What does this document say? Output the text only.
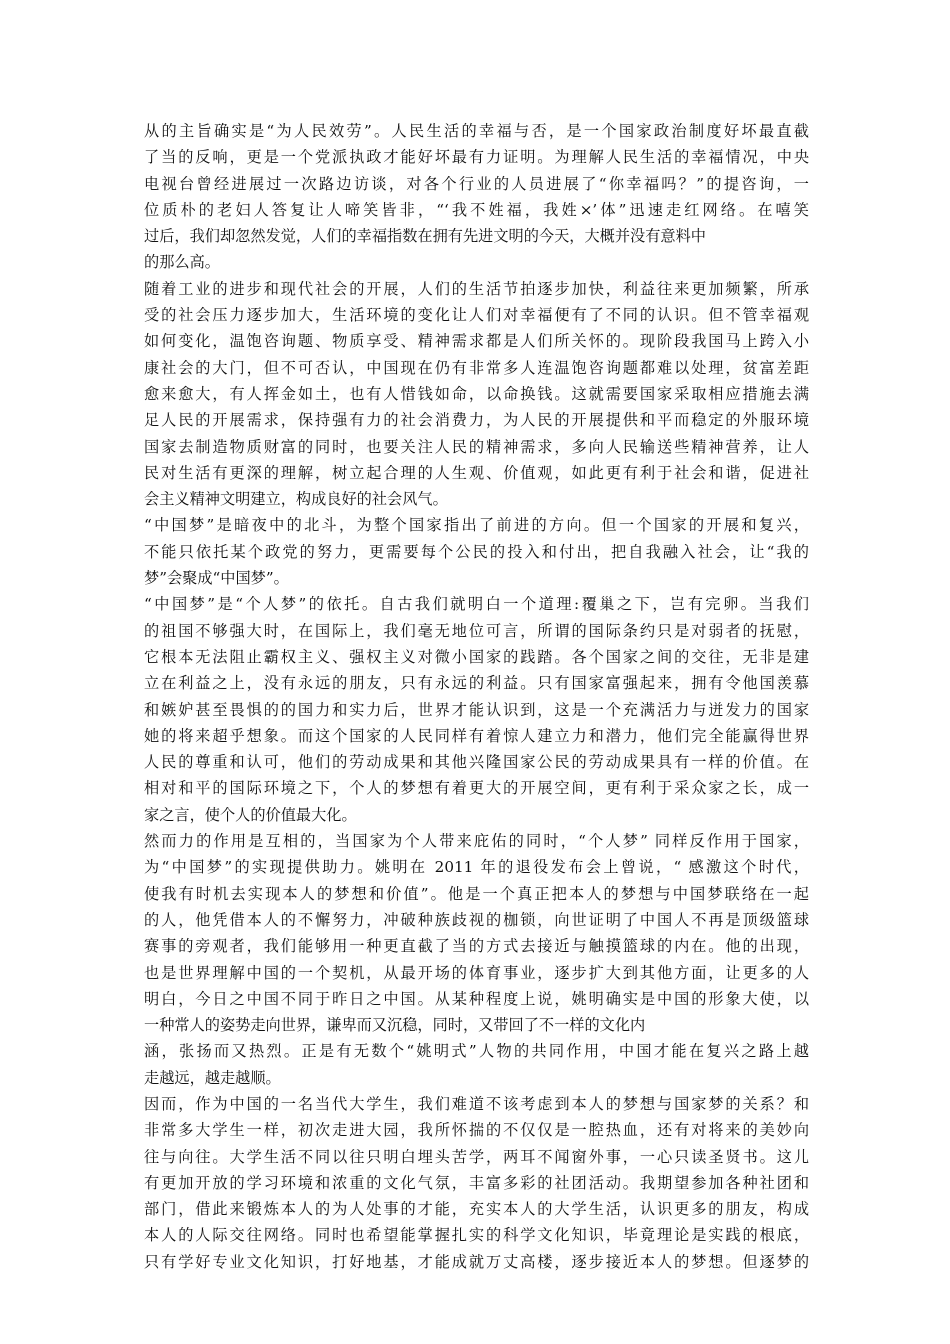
从的主旨确实是“为人民效劳”。人民生活的幸福与否，是一个国家政治制度好坏最直截
了当的反响，更是一个党派执政才能好坏最有力证明。为理解人民生活的幸福情况，中央
电视台曾经进展过一次路边访谈，对各个行业的人员进展了“你幸福吗？”的提咨询，一
位质朴的老妇人答复让人啼笑皆非，“‘我不姓福，我姓×’体”迅速走红网络。在嘻笑
过后，我们却忽然发觉，人们的幸福指数在拥有先进文明的今天，大概并没有意料中
的那么高。
随着工业的进步和现代社会的开展，人们的生活节拍逐步加快，利益往来更加频繁，所承
受的社会压力逐步加大，生活环境的变化让人们对幸福便有了不同的认识。但不管幸福观
如何变化，温饱咨询题、物质享受、精神需求都是人们所关怀的。现阶段我国马上跨入小
康社会的大门，但不可否认，中国现在仍有非常多人连温饱咨询题都难以处理，贫富差距
愈来愈大，有人挥金如土，也有人惜钱如命，以命换钱。这就需要国家采取相应措施去满
足人民的开展需求，保持强有力的社会消费力，为人民的开展提供和平而稳定的外服环境
国家去制造物质财富的同时，也要关注人民的精神需求，多向人民输送些精神营养，让人
民对生活有更深的理解，树立起合理的人生观、价值观，如此更有利于社会和谐，促进社
会主义精神文明建立，构成良好的社会风气。
“中国梦”是暗夜中的北斗，为整个国家指出了前进的方向。但一个国家的开展和复兴，
不能只依托某个政党的努力，更需要每个公民的投入和付出，把自我融入社会，让“我的
梦”会聚成“中国梦”。
“中国梦”是“个人梦”的依托。自古我们就明白一个道理:覆巢之下，岂有完卵。当我们
的祖国不够强大时，在国际上，我们毫无地位可言，所谓的国际条约只是对弱者的抚慰，
它根本无法阻止霸权主义、强权主义对微小国家的践踏。各个国家之间的交往，无非是建
立在利益之上，没有永远的朋友，只有永远的利益。只有国家富强起来，拥有令他国羡慕
和嫉妒甚至畏惧的的国力和实力后，世界才能认识到，这是一个充满活力与迸发力的国家
她的将来超乎想象。而这个国家的人民同样有着惊人建立力和潜力，他们完全能赢得世界
人民的尊重和认可，他们的劳动成果和其他兴隆国家公民的劳动成果具有一样的价值。在
相对和平的国际环境之下，个人的梦想有着更大的开展空间，更有利于采众家之长，成一
家之言，使个人的价值最大化。
然而力的作用是互相的，当国家为个人带来庇佑的同时，“个人梦” 同样反作用于国家，
为“中国梦”的实现提供助力。姚明在 2011 年的退役发布会上曾说，“ 感激这个时代，
使我有时机去实现本人的梦想和价值”。他是一个真正把本人的梦想与中国梦联络在一起
的人，他凭借本人的不懈努力，冲破种族歧视的枷锁，向世证明了中国人不再是顶级篮球
赛事的旁观者，我们能够用一种更直截了当的方式去接近与触摸篮球的内在。他的出现，
也是世界理解中国的一个契机，从最开场的体育事业，逐步扩大到其他方面，让更多的人
明白，今日之中国不同于昨日之中国。从某种程度上说，姚明确实是中国的形象大使，以
一种常人的姿势走向世界，谦卑而又沉稳，同时，又带回了不一样的文化内
涵，张扬而又热烈。正是有无数个“姚明式”人物的共同作用，中国才能在复兴之路上越
走越远，越走越顺。
因而，作为中国的一名当代大学生，我们难道不该考虑到本人的梦想与国家梦的关系？和
非常多大学生一样，初次走进大园，我所怀揣的不仅仅是一腔热血，还有对将来的美妙向
往与向往。大学生活不同以往只明白埋头苦学，两耳不闻窗外事，一心只读圣贤书。这儿
有更加开放的学习环境和浓重的文化气氛，丰富多彩的社团活动。我期望参加各种社团和
部门，借此来锻炼本人的为人处事的才能，充实本人的大学生活，认识更多的朋友，构成
本人的人际交往网络。同时也希望能掌握扎实的科学文化知识，毕竟理论是实践的根底，
只有学好专业文化知识，打好地基，才能成就万丈高楼，逐步接近本人的梦想。但逐梦的
